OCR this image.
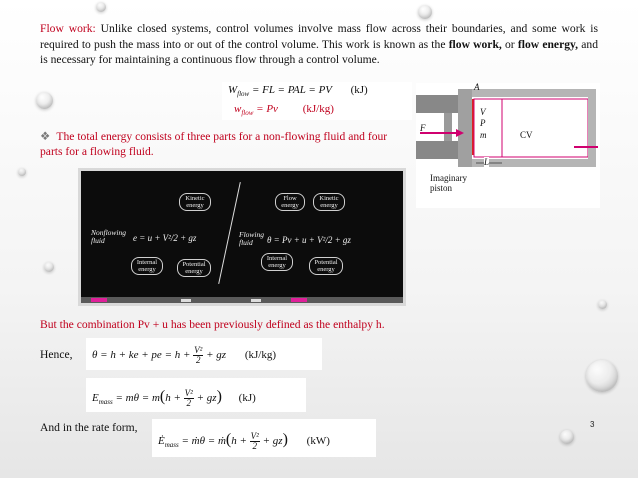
Flow work: Unlike closed systems, control volumes involve mass flow across their boundaries, and some work is required to push the mass into or out of the control volume. This work is known as the flow work, or flow energy, and is necessary for maintaining a continuous flow through a control volume.
$W_{flow}$ = FL = PAL = PV (kJ)
$w_{flow} = Pv$ (kJ/kg)
A
V
P
m
F
CV
L
Imaginary piston
❖ The total energy consists of three parts for a non-flowing fluid and four parts for a flowing fluid.
Nonflowing fluid	e = u + V²/2 + gz
Kinetic energy
Internal energy
Potential energy
Flowing fluid	θ = Pv + u + V²/2 + gz
Flow energy
Kinetic energy
Internal energy	Potential energy
But the combination Pv + u has been previously defined as the enthalpy h.
Hence, θ = h + ke + pe = $h + \frac{\text{V²}}{2}$ + gz (kJ/kg)
$E_{mass} = m\theta = m(h + \frac{\text{V²}}{2} + gz)$ (kJ)
And in the rate form,
$Ė_{mass}$ = ṁθ = ṁ(h + $\frac{\text{V²}}{2} + gz$) (kW)
3
